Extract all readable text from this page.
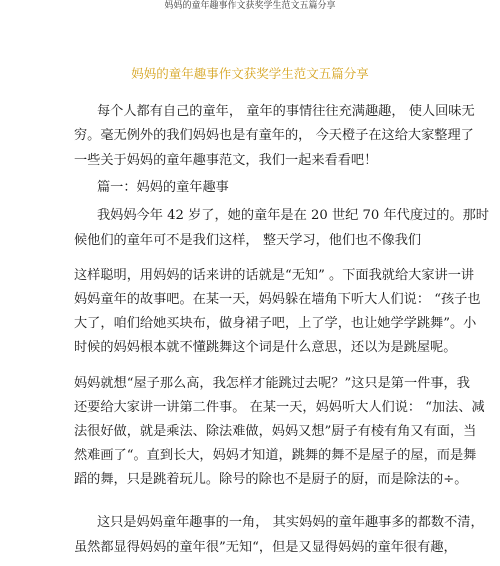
妈妈的童年趣事作文获奖学生范文五篇分享
妈妈的童年趣事作文获奖学生范文五篇分享
每个人都有自己的童年， 童年的事情往往充满趣趣， 使人回味无
穷。毫无例外的我们妈妈也是有童年的， 今天橙子在这给大家整理了
一些关于妈妈的童年趣事范文，我们一起来看看吧！
篇一：妈妈的童年趣事
我妈妈今年 42 岁了，她的童年是在 20 世纪 70 年代度过的。那时
候他们的童年可不是我们这样， 整天学习，他们也不像我们
这样聪明，用妈妈的话来讲的话就是“无知” 。下面我就给大家讲一讲
妈妈童年的故事吧。在某一天，妈妈躲在墙角下听大人们说： “孩子也
大了，咱们给她买块布，做身裙子吧，上了学，也让她学学跳舞”。小
时候的妈妈根本就不懂跳舞这个词是什么意思，还以为是跳屋呢。
妈妈就想“屋子那么高，我怎样才能跳过去呢？”这只是第一件事，我
还要给大家讲一讲第二件事。 在某一天，妈妈听大人们说： “加法、减
法很好做，就是乘法、除法难做，妈妈又想”厨子有棱有角又有面，当
然难画了“。直到长大，妈妈才知道，跳舞的舞不是屋子的屋，而是舞
蹈的舞，只是跳着玩儿。除号的除也不是厨子的厨，而是除法的÷。
这只是妈妈童年趣事的一角， 其实妈妈的童年趣事多的都数不清，
虽然都显得妈妈的童年很”无知“，但是又显得妈妈的童年很有趣，
